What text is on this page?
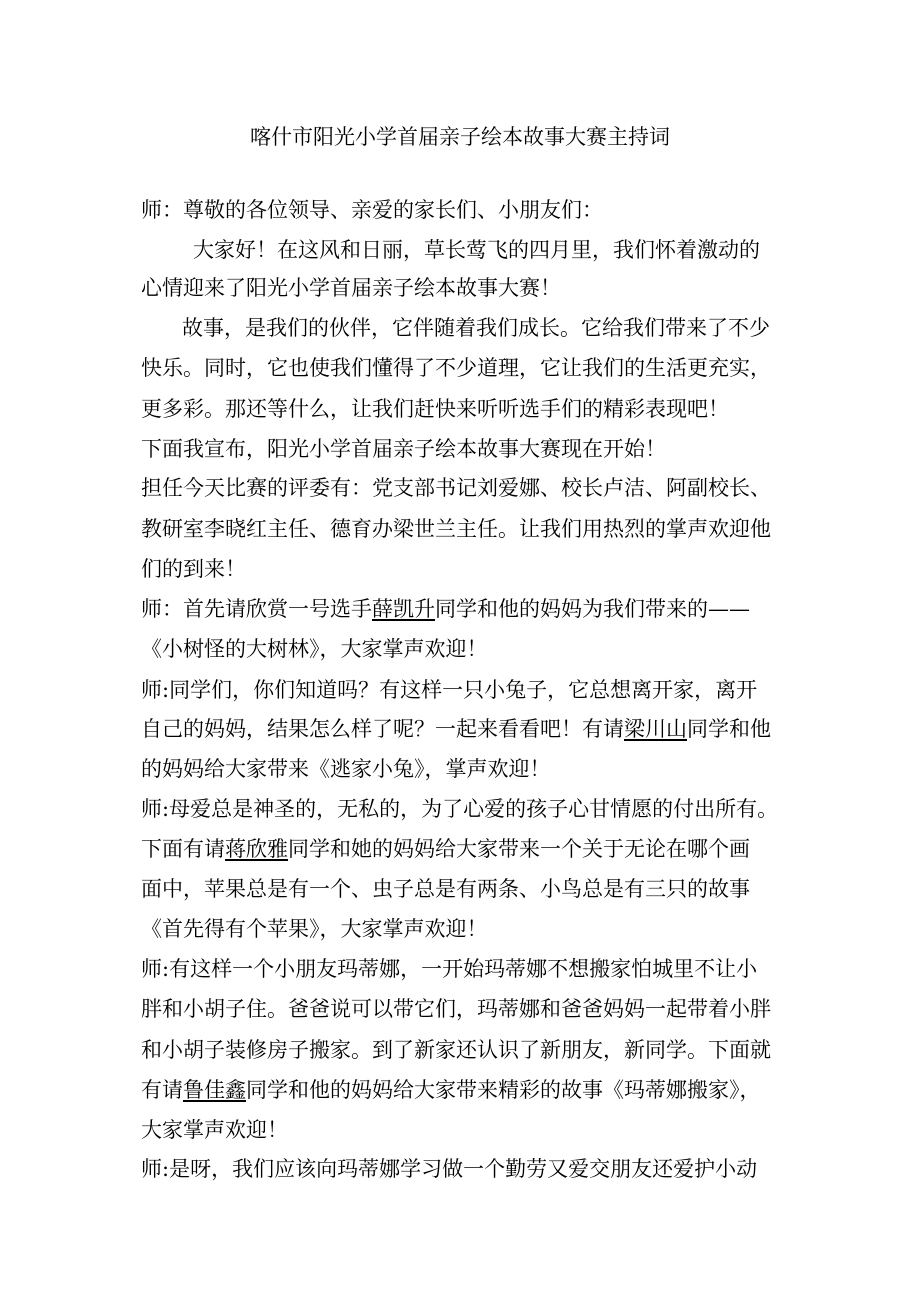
喀什市阳光小学首届亲子绘本故事大赛主持词
师：尊敬的各位领导、亲爱的家长们、小朋友们：
大家好！在这风和日丽，草长莺飞的四月里，我们怀着激动的
心情迎来了阳光小学首届亲子绘本故事大赛！
故事，是我们的伙伴，它伴随着我们成长。它给我们带来了不少
快乐。同时，它也使我们懂得了不少道理，它让我们的生活更充实，
更多彩。那还等什么，让我们赶快来听听选手们的精彩表现吧！
下面我宣布，阳光小学首届亲子绘本故事大赛现在开始！
担任今天比赛的评委有：党支部书记刘爱娜、校长卢洁、阿副校长、
教研室李晓红主任、德育办梁世兰主任。让我们用热烈的掌声欢迎他
们的到来！
师：首先请欣赏一号选手薛凯升同学和他的妈妈为我们带来的——
《小树怪的大树林》，大家掌声欢迎！
师:同学们，你们知道吗？有这样一只小兔子，它总想离开家，离开
自己的妈妈，结果怎么样了呢？一起来看看吧！有请梁川山同学和他
的妈妈给大家带来《逃家小兔》，掌声欢迎！
师:母爱总是神圣的，无私的，为了心爱的孩子心甘情愿的付出所有。
下面有请蒋欣雅同学和她的妈妈给大家带来一个关于无论在哪个画
面中，苹果总是有一个、虫子总是有两条、小鸟总是有三只的故事
《首先得有个苹果》，大家掌声欢迎！
师:有这样一个小朋友玛蒂娜，一开始玛蒂娜不想搬家怕城里不让小
胖和小胡子住。爸爸说可以带它们，玛蒂娜和爸爸妈妈一起带着小胖
和小胡子装修房子搬家。到了新家还认识了新朋友，新同学。下面就
有请鲁佳鑫同学和他的妈妈给大家带来精彩的故事《玛蒂娜搬家》，
大家掌声欢迎！
师:是呀，我们应该向玛蒂娜学习做一个勤劳又爱交朋友还爱护小动
